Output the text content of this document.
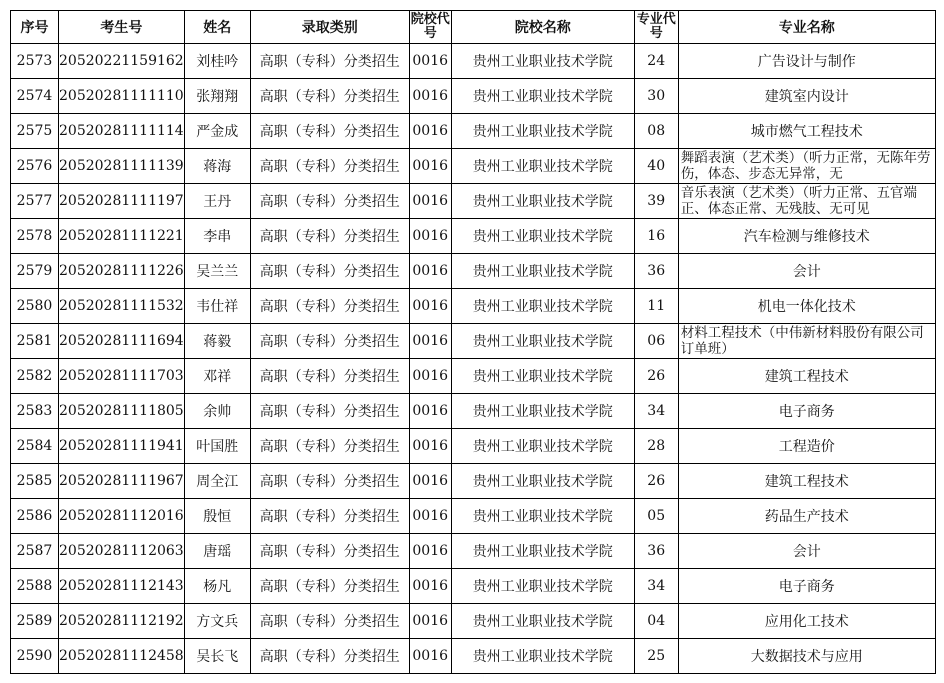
序号	考生号	姓名	录取类别	院校代号	院校名称	专业代号	专业名称
2573	20520221159162	刘桂吟	高职（专科）分类招生	0016	贵州工业职业技术学院	24	广告设计与制作
2574	20520281111110	张翔翔	高职（专科）分类招生	0016	贵州工业职业技术学院	30	建筑室内设计
2575	20520281111114	严金成	高职（专科）分类招生	0016	贵州工业职业技术学院	08	城市燃气工程技术
2576	20520281111139	蒋海	高职（专科）分类招生	0016	贵州工业职业技术学院	40	舞蹈表演（艺术类）（听力正常，无陈年劳伤，体态、步态无异常，无
2577	20520281111197	王丹	高职（专科）分类招生	0016	贵州工业职业技术学院	39	音乐表演（艺术类）（听力正常、五官端正、体态正常、无残肢、无可见
2578	20520281111221	李串	高职（专科）分类招生	0016	贵州工业职业技术学院	16	汽车检测与维修技术
2579	20520281111226	吴兰兰	高职（专科）分类招生	0016	贵州工业职业技术学院	36	会计
2580	20520281111532	韦仕祥	高职（专科）分类招生	0016	贵州工业职业技术学院	11	机电一体化技术
2581	20520281111694	蒋毅	高职（专科）分类招生	0016	贵州工业职业技术学院	06	材料工程技术（中伟新材料股份有限公司订单班）
2582	20520281111703	邓祥	高职（专科）分类招生	0016	贵州工业职业技术学院	26	建筑工程技术
2583	20520281111805	余帅	高职（专科）分类招生	0016	贵州工业职业技术学院	34	电子商务
2584	20520281111941	叶国胜	高职（专科）分类招生	0016	贵州工业职业技术学院	28	工程造价
2585	20520281111967	周全江	高职（专科）分类招生	0016	贵州工业职业技术学院	26	建筑工程技术
2586	20520281112016	殷恒	高职（专科）分类招生	0016	贵州工业职业技术学院	05	药品生产技术
2587	20520281112063	唐瑶	高职（专科）分类招生	0016	贵州工业职业技术学院	36	会计
2588	20520281112143	杨凡	高职（专科）分类招生	0016	贵州工业职业技术学院	34	电子商务
2589	20520281112192	方文兵	高职（专科）分类招生	0016	贵州工业职业技术学院	04	应用化工技术
2590	20520281112458	吴长飞	高职（专科）分类招生	0016	贵州工业职业技术学院	25	大数据技术与应用
